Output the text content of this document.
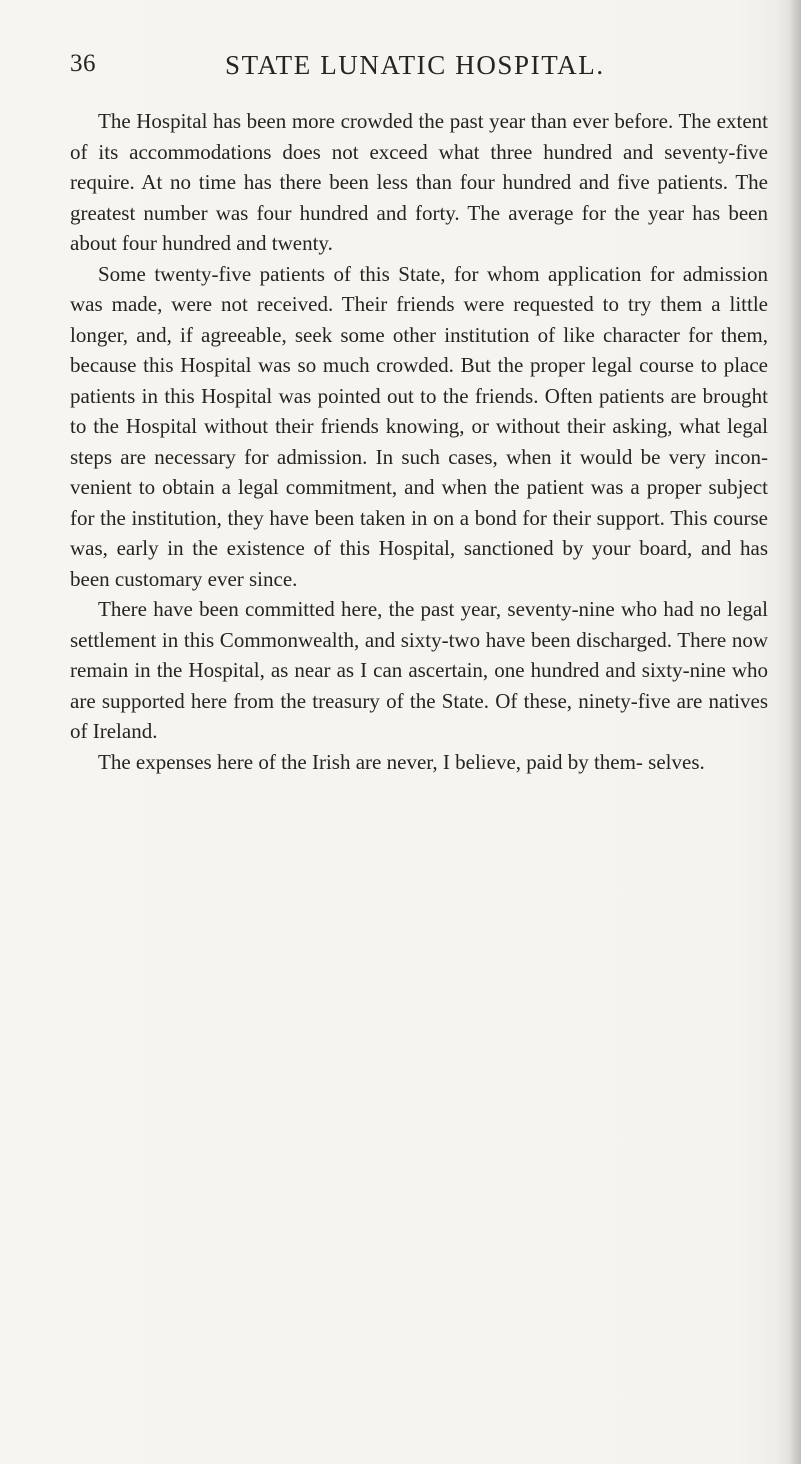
36	STATE LUNATIC HOSPITAL.

The Hospital has been more crowded the past year than ever before. The extent of its accommodations does not exceed what three hundred and seventy-five require. At no time has there been less than four hundred and five patients. The greatest number was four hundred and forty. The average for the year has been about four hundred and twenty.

Some twenty-five patients of this State, for whom application for admission was made, were not received. Their friends were requested to try them a little longer, and, if agreeable, seek some other institution of like character for them, because this Hospital was so much crowded. But the proper legal course to place patients in this Hospital was pointed out to the friends. Often patients are brought to the Hospital without their friends knowing, or without their asking, what legal steps are necessary for admission. In such cases, when it would be very incon- venient to obtain a legal commitment, and when the patient was a proper subject for the institution, they have been taken in on a bond for their support. This course was, early in the existence of this Hospital, sanctioned by your board, and has been customary ever since.

There have been committed here, the past year, seventy-nine who had no legal settlement in this Commonwealth, and sixty-two have been discharged. There now remain in the Hospital, as near as I can ascertain, one hundred and sixty-nine who are supported here from the treasury of the State. Of these, ninety-five are natives of Ireland.

The expenses here of the Irish are never, I believe, paid by them- selves.
